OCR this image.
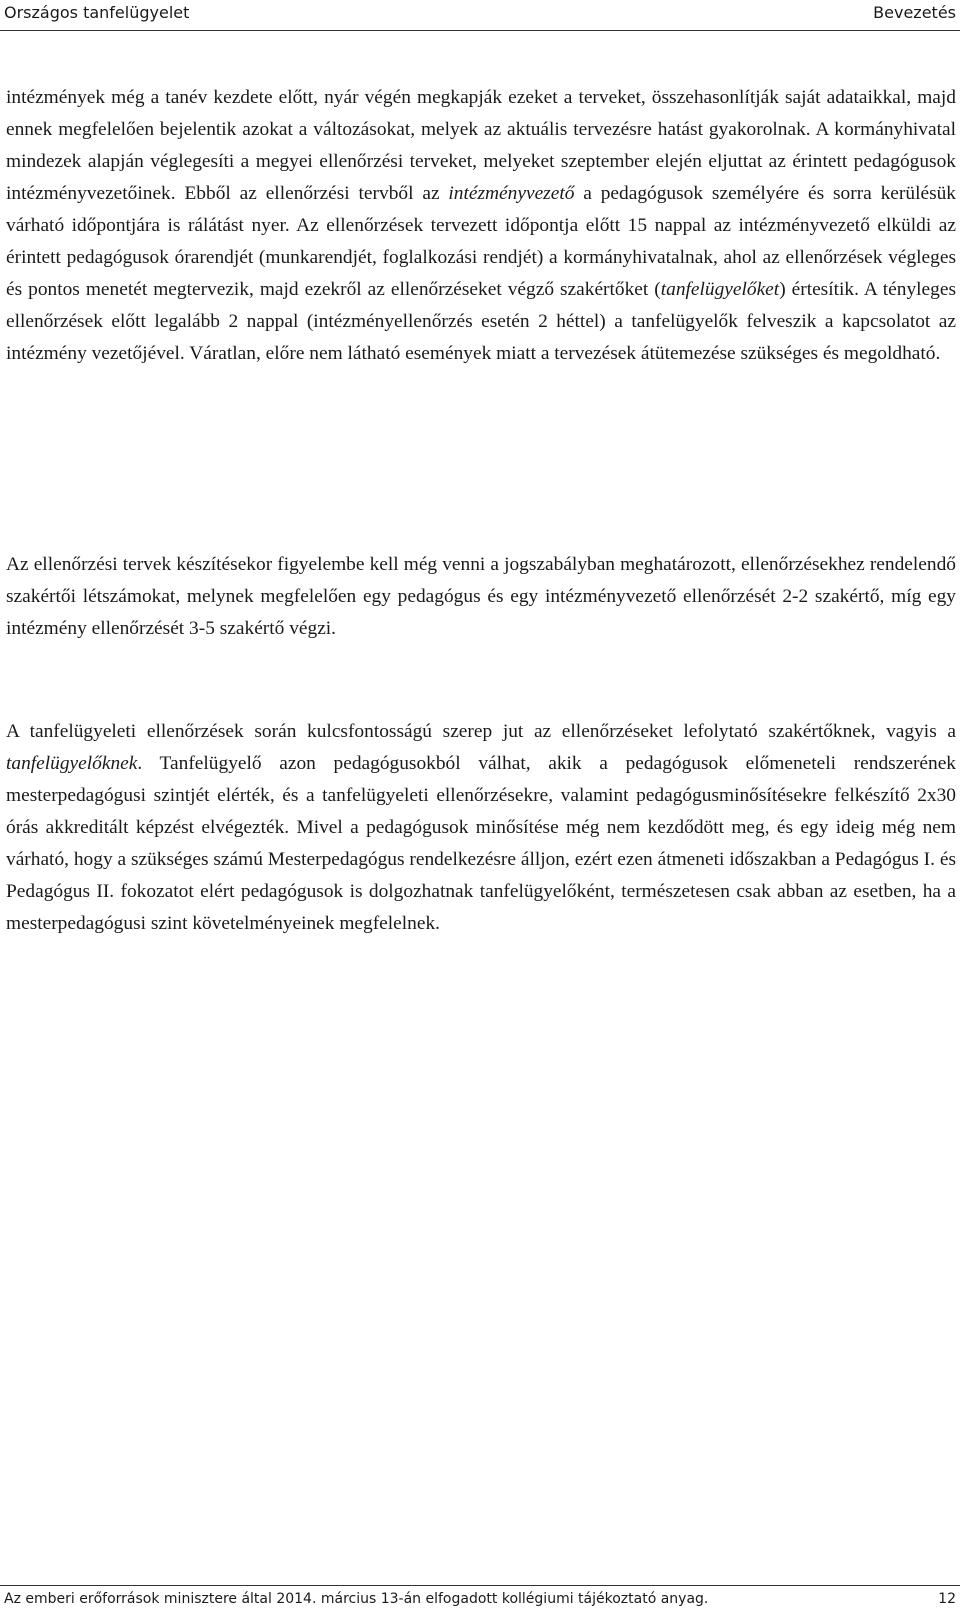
Országos tanfelügyelet	Bevezetés

intézmények még a tanév kezdete előtt, nyár végén megkapják ezeket a terveket, összehasonlítják saját adataikkal, majd ennek megfelelően bejelentik azokat a változásokat, melyek az aktuális tervezésre hatást gyakorolnak. A kormányhivatal mindezek alapján véglegesíti a megyei ellenőrzési terveket, melyeket szeptember elején eljuttat az érintett pedagógusok intézményvezetőinek. Ebből az ellenőrzési tervből az intézményvezető a pedagógusok személyére és sorra kerülésük várható időpontjára is rálátást nyer. Az ellenőrzések tervezett időpontja előtt 15 nappal az intézményvezető elküldi az érintett pedagógusok órarendjét (munkarendjét, foglalkozási rendjét) a kormányhivatalnak, ahol az ellenőrzések végleges és pontos menetét megtervezik, majd ezekről az ellenőrzéseket végző szakértőket (tanfelügyelőket) értesítik. A tényleges ellenőrzések előtt legalább 2 nappal (intézményellenőrzés esetén 2 héttel) a tanfelügyelők felveszik a kapcsolatot az intézmény vezetőjével. Váratlan, előre nem látható események miatt a tervezések átütemezése szükséges és megoldható.

Az ellenőrzési tervek készítésekor figyelembe kell még venni a jogszabályban meghatározott, ellenőrzésekhez rendelendő szakértői létszámokat, melynek megfelelően egy pedagógus és egy intézményvezető ellenőrzését 2-2 szakértő, míg egy intézmény ellenőrzését 3-5 szakértő végzi.

A tanfelügyeleti ellenőrzések során kulcsfontosságú szerep jut az ellenőrzéseket lefolytató szakértőknek, vagyis a tanfelügyelőknek. Tanfelügyelő azon pedagógusokból válhat, akik a pedagógusok előmeneteli rendszerének mesterpedagógusi szintjét elérték, és a tanfelügyeleti ellenőrzésekre, valamint pedagógusminősítésekre felkészítő 2x30 órás akkreditált képzést elvégezték. Mivel a pedagógusok minősítése még nem kezdődött meg, és egy ideig még nem várható, hogy a szükséges számú Mesterpedagógus rendelkezésre álljon, ezért ezen átmeneti időszakban a Pedagógus I. és Pedagógus II. fokozatot elért pedagógusok is dolgozhatnak tanfelügyelőként, természetesen csak abban az esetben, ha a mesterpedagógusi szint követelményeinek megfelelnek.

Az emberi erőforrások minisztere által 2014. március 13-án elfogadott kollégiumi tájékoztató anyag.	12
